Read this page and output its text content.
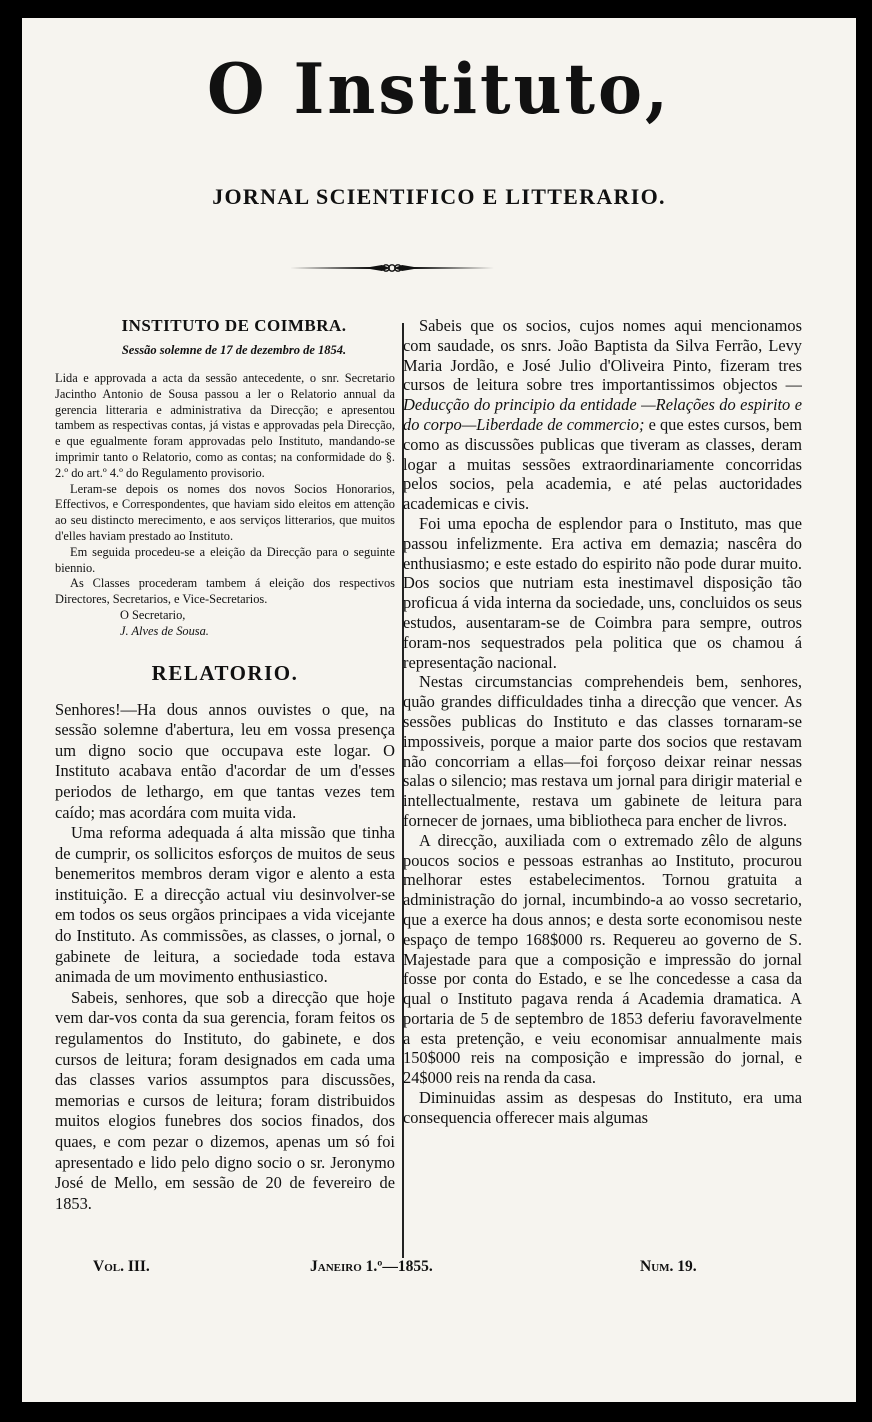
O Instituto,
JORNAL SCIENTIFICO E LITTERARIO.
INSTITUTO DE COIMBRA.
Sessão solemne de 17 de dezembro de 1854.

Lida e approvada a acta da sessão antecedente, o snr. Secretario Jacintho Antonio de Sousa passou a ler o Relatorio annual da gerencia litteraria e administrativa da Direcção; e apresentou tambem as respectivas contas, já vistas e approvadas pela Direcção, e que egualmente foram approvadas pelo Instituto, mandando-se imprimir tanto o Relatorio, como as contas; na conformidade do §. 2.º do art.º 4.º do Regulamento provisorio.

Leram-se depois os nomes dos novos Socios Honorarios, Effectivos, e Correspondentes, que haviam sido eleitos em attenção ao seu distincto merecimento, e aos serviços litterarios, que muitos d'elles haviam prestado ao Instituto.

Em seguida procedeu-se a eleição da Direcção para o seguinte biennio.

As Classes procederam tambem á eleição dos respectivos Directores, Secretarios, e Vice-Secretarios.

O Secretario,

J. Alves de Sousa.

RELATORIO.

Senhores!—Ha dous annos ouvistes o que, na sessão solemne d'abertura, leu em vossa presença um digno socio que occupava este logar. O Instituto acabava então d'acordar de um d'esses periodos de lethargo, em que tantas vezes tem caído; mas acordára com muita vida.

Uma reforma adequada á alta missão que tinha de cumprir, os sollicitos esforços de muitos de seus benemeritos membros deram vigor e alento a esta instituição. E a direcção actual viu desinvolver-se em todos os seus orgãos principaes a vida vicejante do Instituto. As commissões, as classes, o jornal, o gabinete de leitura, a sociedade toda estava animada de um movimento enthusiastico.

Sabeis, senhores, que sob a direcção que hoje vem dar-vos conta da sua gerencia, foram feitos os regulamentos do Instituto, do gabinete, e dos cursos de leitura; foram designados em cada uma das classes varios assumptos para discussões, memorias e cursos de leitura; foram distribuidos muitos elogios funebres dos socios finados, dos quaes, e com pezar o dizemos, apenas um só foi apresentado e lido pelo digno socio o sr. Jeronymo José de Mello, em sessão de 20 de fevereiro de 1853.

Sabeis que os socios, cujos nomes aqui mencionamos com saudade, os snrs. João Baptista da Silva Ferrão, Levy Maria Jordão, e José Julio d'Oliveira Pinto, fizeram tres cursos de leitura sobre tres importantissimos objectos — Deducção do principio da entidade —Relações do espirito e do corpo—Liberdade de commercio; e que estes cursos, bem como as discussões publicas que tiveram as classes, deram logar a muitas sessões extraordinariamente concorridas pelos socios, pela academia, e até pelas auctoridades academicas e civis.

Foi uma epocha de esplendor para o Instituto, mas que passou infelizmente. Era activa em demazia; nascêra do enthusiasmo; e este estado do espirito não pode durar muito. Dos socios que nutriam esta inestimavel disposição tão proficua á vida interna da sociedade, uns, concluidos os seus estudos, ausentaram-se de Coimbra para sempre, outros foram-nos sequestrados pela politica que os chamou á representação nacional.

Nestas circumstancias comprehendeis bem, senhores, quão grandes difficuldades tinha a direcção que vencer. As sessões publicas do Instituto e das classes tornaram-se impossiveis, porque a maior parte dos socios que restavam não concorriam a ellas—foi forçoso deixar reinar nessas salas o silencio; mas restava um jornal para dirigir material e intellectualmente, restava um gabinete de leitura para fornecer de jornaes, uma bibliotheca para encher de livros.

A direcção, auxiliada com o extremado zêlo de alguns poucos socios e pessoas estranhas ao Instituto, procurou melhorar estes estabelecimentos. Tornou gratuita a administração do jornal, incumbindo-a ao vosso secretario, que a exerce ha dous annos; e desta sorte economisou neste espaço de tempo 168$000 rs. Requereu ao governo de S. Majestade para que a composição e impressão do jornal fosse por conta do Estado, e se lhe concedesse a casa da qual o Instituto pagava renda á Academia dramatica. A portaria de 5 de septembro de 1853 deferiu favoravelmente a esta pretenção, e veiu economisar annualmente mais 150$000 reis na composição e impressão do jornal, e 24$000 reis na renda da casa.

Diminuidas assim as despesas do Instituto, era uma consequencia offerecer mais algumas

Vol. III.	Janeiro 1.º—1855.	Num. 19.
